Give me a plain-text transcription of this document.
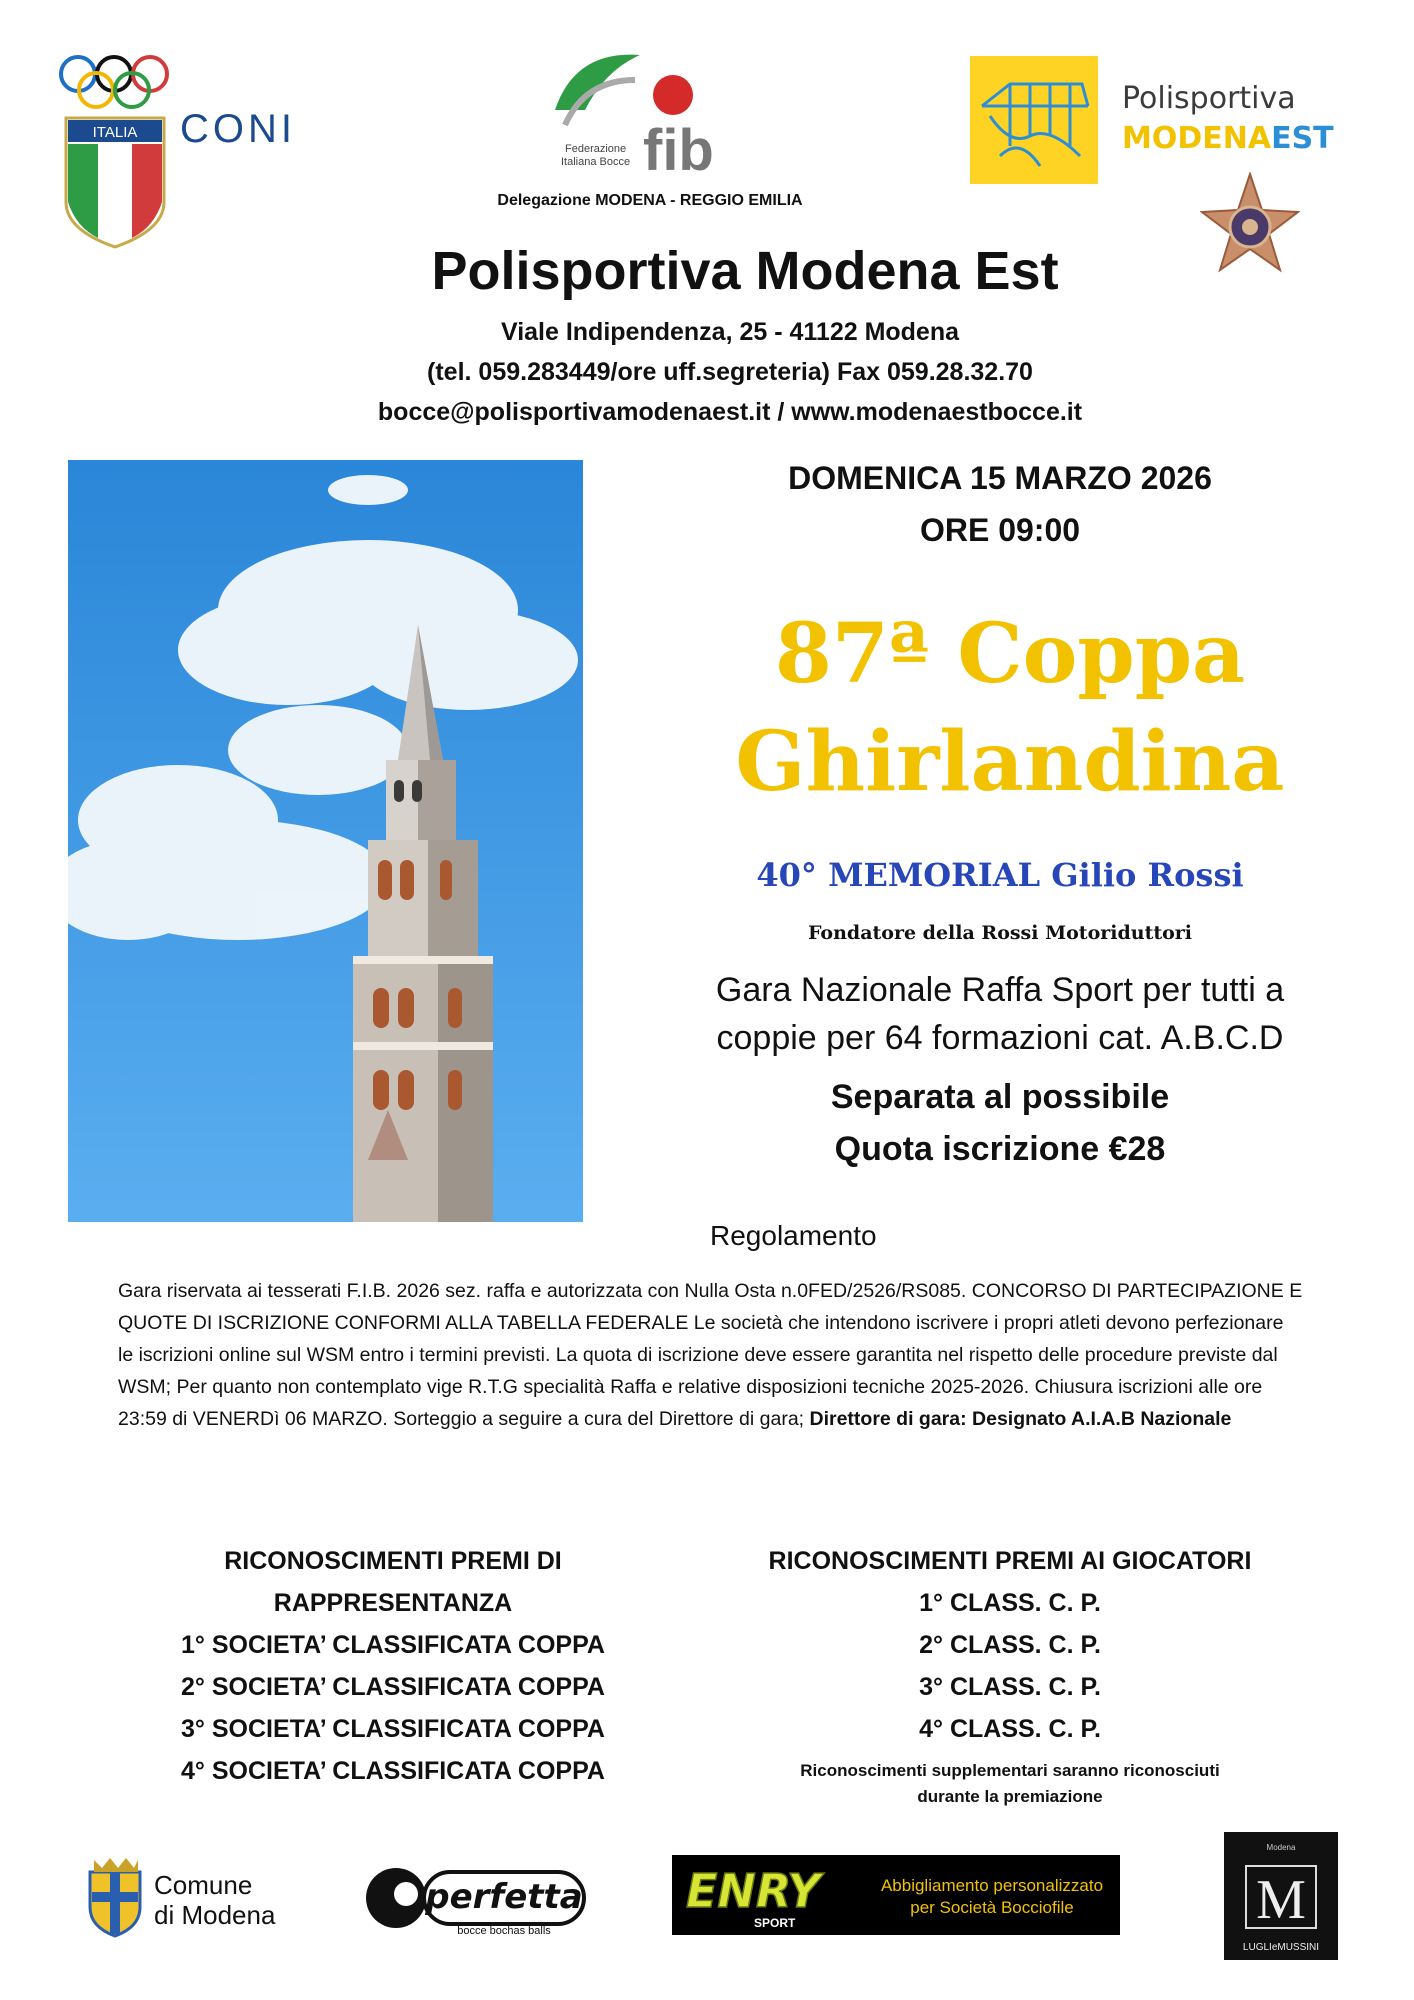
ITALIA CONI	Federazione
Italiana Bocce fib
Delegazione MODENA - REGGIO EMILIA
Polisportiva
MODENAEST
Polisportiva Modena Est
Viale Indipendenza, 25 - 41122 Modena
(tel. 059.283449/ore uff.segreteria) Fax 059.28.32.70
bocce@polisportivamodenaest.it / www.modenaestbocce.it
DOMENICA 15 MARZO 2026
ORE 09:00
87ª Coppa
Ghirlandina
40° MEMORIAL Gilio Rossi
Fondatore della Rossi Motoriduttori
Gara Nazionale Raffa Sport per tutti a
coppie per 64 formazioni cat. A.B.C.D
Separata al possibile
Quota iscrizione €28
Regolamento
Gara riservata ai tesserati F.I.B. 2026 sez. raffa e autorizzata con Nulla Osta n.0FED/2526/RS085. CONCORSO DI PARTECIPAZIONE E QUOTE DI ISCRIZIONE CONFORMI ALLA TABELLA FEDERALE Le società che intendono iscrivere i propri atleti devono perfezionare le iscrizioni online sul WSM entro i termini previsti. La quota di iscrizione deve essere garantita nel rispetto delle procedure previste dal WSM; Per quanto non contemplato vige R.T.G specialità Raffa e relative disposizioni tecniche 2025-2026. Chiusura iscrizioni alle ore 23:59 di VENERDì 06 MARZO. Sorteggio a seguire a cura del Direttore di gara; Direttore di gara: Designato A.I.A.B Nazionale
RICONOSCIMENTI PREMI DI
RAPPRESENTANZA
1° SOCIETA’ CLASSIFICATA COPPA
2° SOCIETA’ CLASSIFICATA COPPA
3° SOCIETA’ CLASSIFICATA COPPA
4° SOCIETA’ CLASSIFICATA COPPA
RICONOSCIMENTI PREMI AI GIOCATORI
1° CLASS. C. P.
2° CLASS. C. P.
3° CLASS. C. P.
4° CLASS. C. P.
Riconoscimenti supplementari saranno riconosciuti
durante la premiazione
Comune
di Modena	perfetta
bocce bochas balls
ENRY
SPORT
Abbigliamento personalizzato
per Società Bocciofile
Modena
M
LUGLIeMUSSINI
